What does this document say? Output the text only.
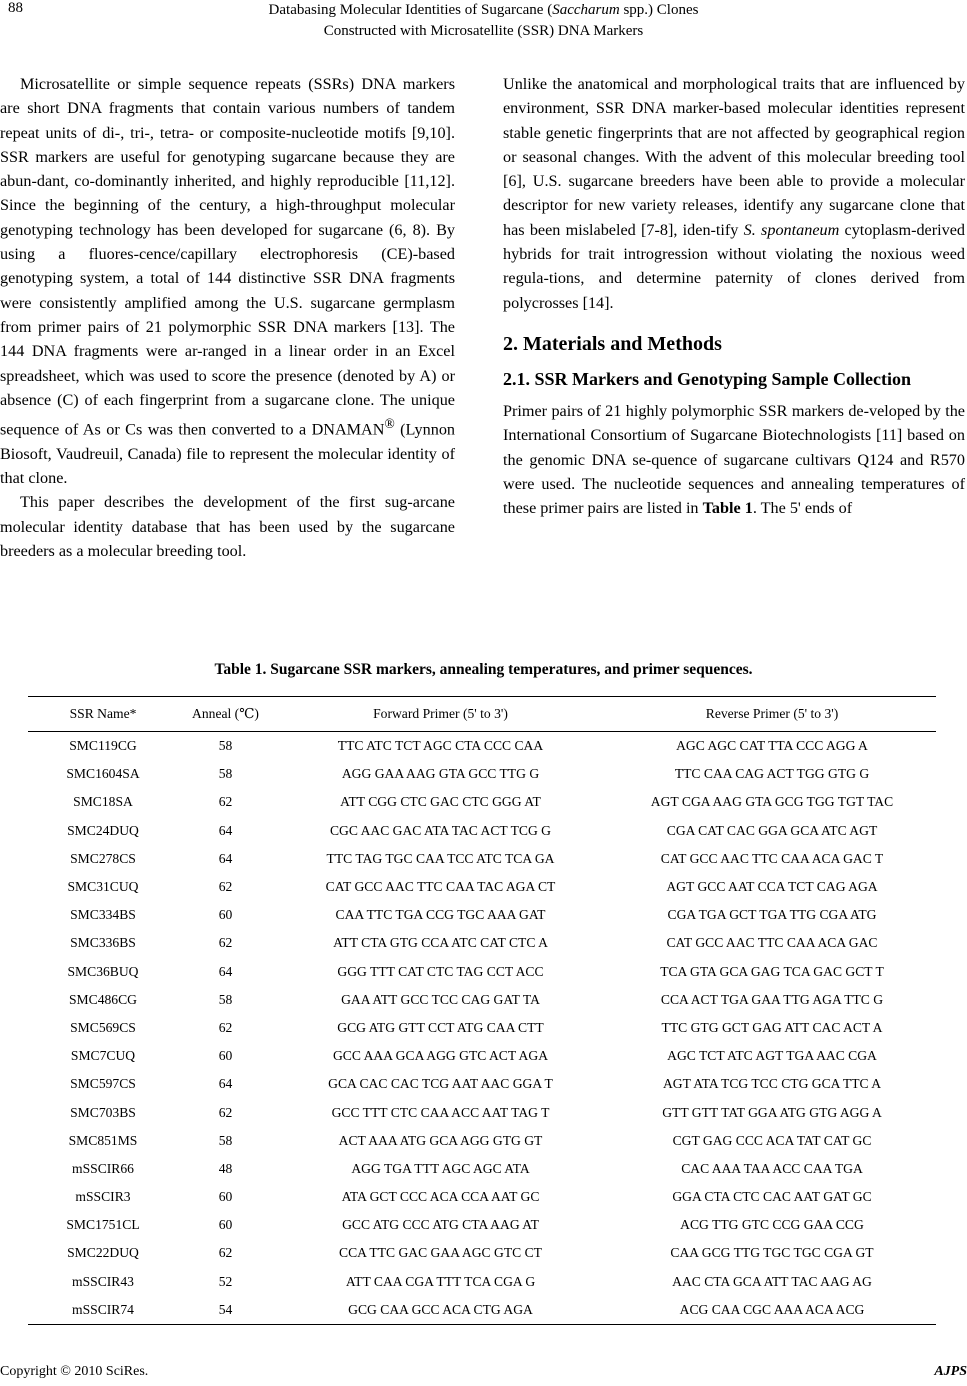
88	Databasing Molecular Identities of Sugarcane (Saccharum spp.) Clones
Constructed with Microsatellite (SSR) DNA Markers

Microsatellite or simple sequence repeats (SSRs) DNA markers are short DNA fragments that contain various numbers of tandem repeat units of di-, tri-, tetra- or composite-nucleotide motifs [9,10]. SSR markers are useful for genotyping sugarcane because they are abun-dant, co-dominantly inherited, and highly reproducible [11,12]. Since the beginning of the century, a high-throughput molecular genotyping technology has been developed for sugarcane (6, 8). By using a fluores-cence/capillary electrophoresis (CE)-based genotyping system, a total of 144 distinctive SSR DNA fragments were consistently amplified among the U.S. sugarcane germplasm from primer pairs of 21 polymorphic SSR DNA markers [13]. The 144 DNA fragments were ar-ranged in a linear order in an Excel spreadsheet, which was used to score the presence (denoted by A) or absence (C) of each fingerprint from a sugarcane clone. The unique sequence of As or Cs was then converted to a DNAMAN® (Lynnon Biosoft, Vaudreuil, Canada) file to represent the molecular identity of that clone.

This paper describes the development of the first sug-arcane molecular identity database that has been used by the sugarcane breeders as a molecular breeding tool.

Unlike the anatomical and morphological traits that are influenced by environment, SSR DNA marker-based molecular identities represent stable genetic fingerprints that are not affected by geographical region or seasonal changes. With the advent of this molecular breeding tool [6], U.S. sugarcane breeders have been able to provide a molecular descriptor for new variety releases, identify any sugarcane clone that has been mislabeled [7-8], iden-tify S. spontaneum cytoplasm-derived hybrids for trait introgression without violating the noxious weed regula-tions, and determine paternity of clones derived from polycrosses [14].

2. Materials and Methods

2.1. SSR Markers and Genotyping Sample Collection

Primer pairs of 21 highly polymorphic SSR markers de-veloped by the International Consortium of Sugarcane Biotechnologists [11] based on the genomic DNA se-quence of sugarcane cultivars Q124 and R570 were used. The nucleotide sequences and annealing temperatures of these primer pairs are listed in Table 1. The 5' ends of

Table 1. Sugarcane SSR markers, annealing temperatures, and primer sequences.
SSR Name*	Anneal (℃)	Forward Primer (5' to 3')	Reverse Primer (5' to 3')
SMC119CG	58	TTC ATC TCT AGC CTA CCC CAA	AGC AGC CAT TTA CCC AGG A
SMC1604SA	58	AGG GAA AAG GTA GCC TTG G	TTC CAA CAG ACT TGG GTG G
SMC18SA	62	ATT CGG CTC GAC CTC GGG AT	AGT CGA AAG GTA GCG TGG TGT TAC
SMC24DUQ	64	CGC AAC GAC ATA TAC ACT TCG G	CGA CAT CAC GGA GCA ATC AGT
SMC278CS	64	TTC TAG TGC CAA TCC ATC TCA GA	CAT GCC AAC TTC CAA ACA GAC T
SMC31CUQ	62	CAT GCC AAC TTC CAA TAC AGA CT	AGT GCC AAT CCA TCT CAG AGA
SMC334BS	60	CAA TTC TGA CCG TGC AAA GAT	CGA TGA GCT TGA TTG CGA ATG
SMC336BS	62	ATT CTA GTG CCA ATC CAT CTC A	CAT GCC AAC TTC CAA ACA GAC
SMC36BUQ	64	GGG TTT CAT CTC TAG CCT ACC	TCA GTA GCA GAG TCA GAC GCT T
SMC486CG	58	GAA ATT GCC TCC CAG GAT TA	CCA ACT TGA GAA TTG AGA TTC G
SMC569CS	62	GCG ATG GTT CCT ATG CAA CTT	TTC GTG GCT GAG ATT CAC ACT A
SMC7CUQ	60	GCC AAA GCA AGG GTC ACT AGA	AGC TCT ATC AGT TGA AAC CGA
SMC597CS	64	GCA CAC CAC TCG AAT AAC GGA T	AGT ATA TCG TCC CTG GCA TTC A
SMC703BS	62	GCC TTT CTC CAA ACC AAT TAG T	GTT GTT TAT GGA ATG GTG AGG A
SMC851MS	58	ACT AAA ATG GCA AGG GTG GT	CGT GAG CCC ACA TAT CAT GC
mSSCIR66	48	AGG TGA TTT AGC AGC ATA	CAC AAA TAA ACC CAA TGA
mSSCIR3	60	ATA GCT CCC ACA CCA AAT GC	GGA CTA CTC CAC AAT GAT GC
SMC1751CL	60	GCC ATG CCC ATG CTA AAG AT	ACG TTG GTC CCG GAA CCG
SMC22DUQ	62	CCA TTC GAC GAA AGC GTC CT	CAA GCG TTG TGC TGC CGA GT
mSSCIR43	52	ATT CAA CGA TTT TCA CGA G	AAC CTA GCA ATT TAC AAG AG
mSSCIR74	54	GCG CAA GCC ACA CTG AGA	ACG CAA CGC AAA ACA ACG
Copyright © 2010 SciRes.	AJPS
